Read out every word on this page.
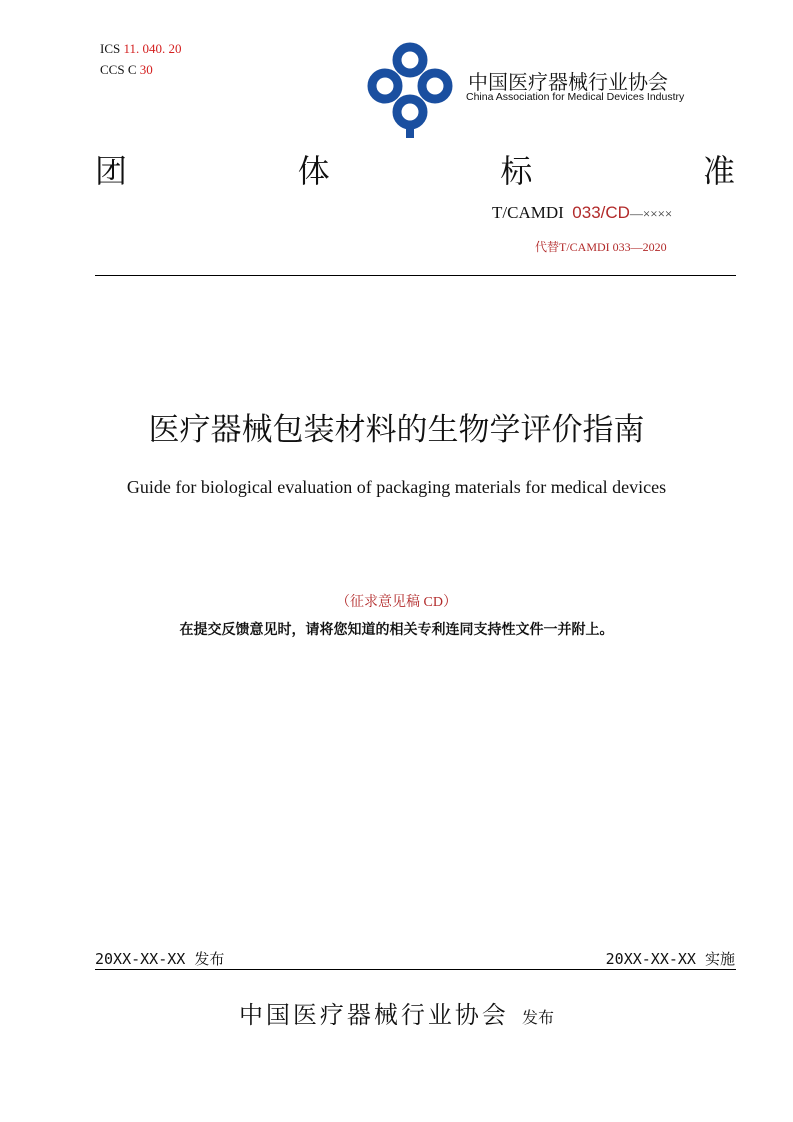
ICS 11. 040. 20
CCS C 30
中国医疗器械行业协会
China Association for Medical Devices Industry
团	体	标	准
T/CAMDI 033/CD—××××
代替T/CAMDI 033—2020
医疗器械包装材料的生物学评价指南
Guide for biological evaluation of packaging materials for medical devices
（征求意见稿 CD）
在提交反馈意见时，请将您知道的相关专利连同支持性文件一并附上。
20XX-XX-XX 发布	20XX-XX-XX 实施
中国医疗器械行业协会 发布
